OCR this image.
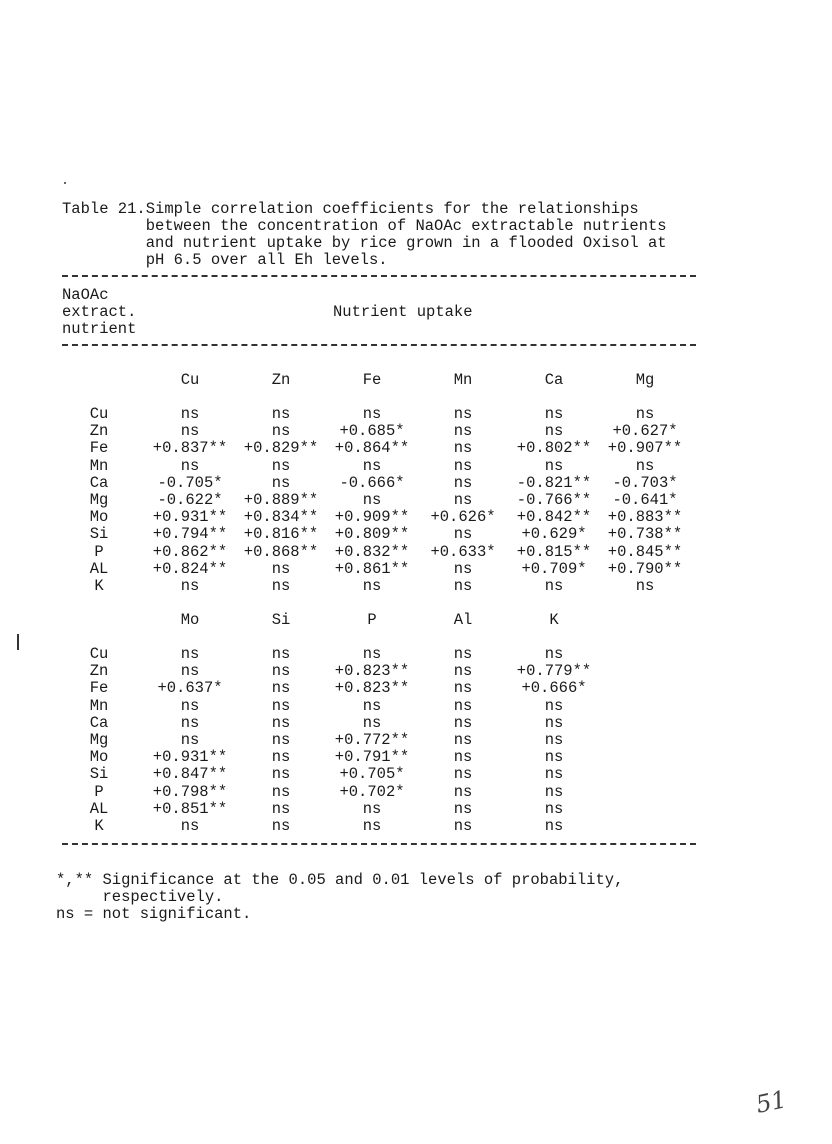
Table 21.Simple correlation coefficients for the relationships
between the concentration of NaOAc extractable nutrients
and nutrient uptake by rice grown in a flooded Oxisol at
pH 6.5 over all Eh levels.
NaOAc
extract.
nutrient
Nutrient uptake
Cu	Zn	Fe	Mn	Ca	Mg
Cu	ns	ns	ns	ns	ns	ns
Zn	ns	ns	+0.685*	ns	ns	+0.627*
Fe	+0.837** +0.829** +0.864**	ns	+0.802** +0.907**
Mn	ns	ns	ns	ns	ns	ns
Ca	-0.705*	ns	-0.666*	ns	-0.821** -0.703*
Mg	-0.622* +0.889**	ns	ns	-0.766** -0.641*
Mo	+0.931** +0.834** +0.909** +0.626* +0.842** +0.883**
Si	+0.794** +0.816** +0.809**	ns	+0.629* +0.738**
P	+0.862** +0.868** +0.832** +0.633* +0.815** +0.845**
AL	+0.824**	ns	+0.861**	ns	+0.709* +0.790**
K	ns	ns	ns	ns	ns	ns
Mo	Si	P	Al	K
Cu	ns	ns	ns	ns	ns
Zn	ns	ns	+0.823**	ns	+0.779**
Fe	+0.637*	ns	+0.823**	ns	+0.666*
Mn	ns	ns	ns	ns	ns
Ca	ns	ns	ns	ns	ns
Mg	ns	ns	+0.772**	ns	ns
Mo	+0.931**	ns	+0.791**	ns	ns
Si	+0.847**	ns	+0.705*	ns	ns
P	+0.798**	ns	+0.702*	ns	ns
AL	+0.851**	ns	ns	ns	ns
K	ns	ns	ns	ns	ns
*,** Significance at the 0.05 and 0.01 levels of probability,
respectively.
ns = not significant.
51
